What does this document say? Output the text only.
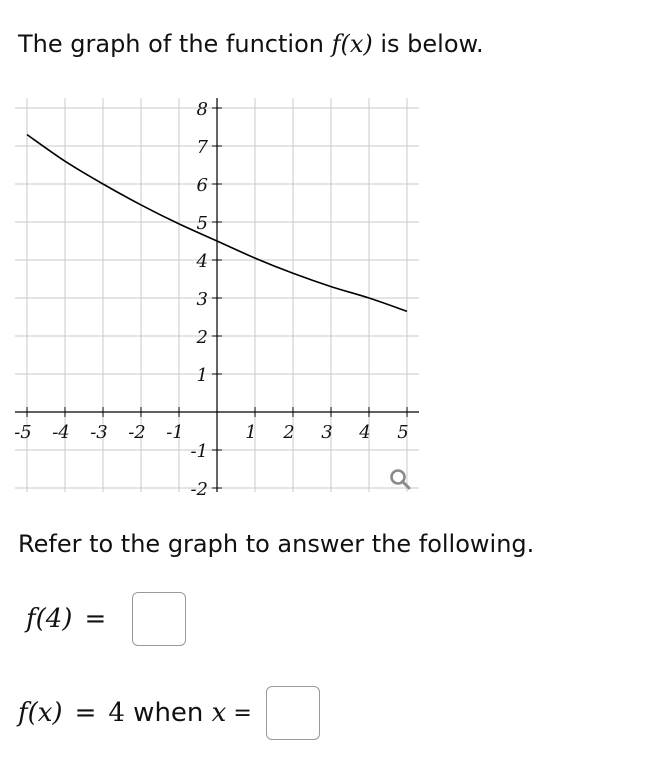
The graph of the function f(x) is below.
-5 -4 -3 -2 -1	1 2 3 4 5
8
7
6
5
4
3
2
1
-1
-2
Refer to the graph to answer the following.
f(4) =
f(x) = 4 when x =
